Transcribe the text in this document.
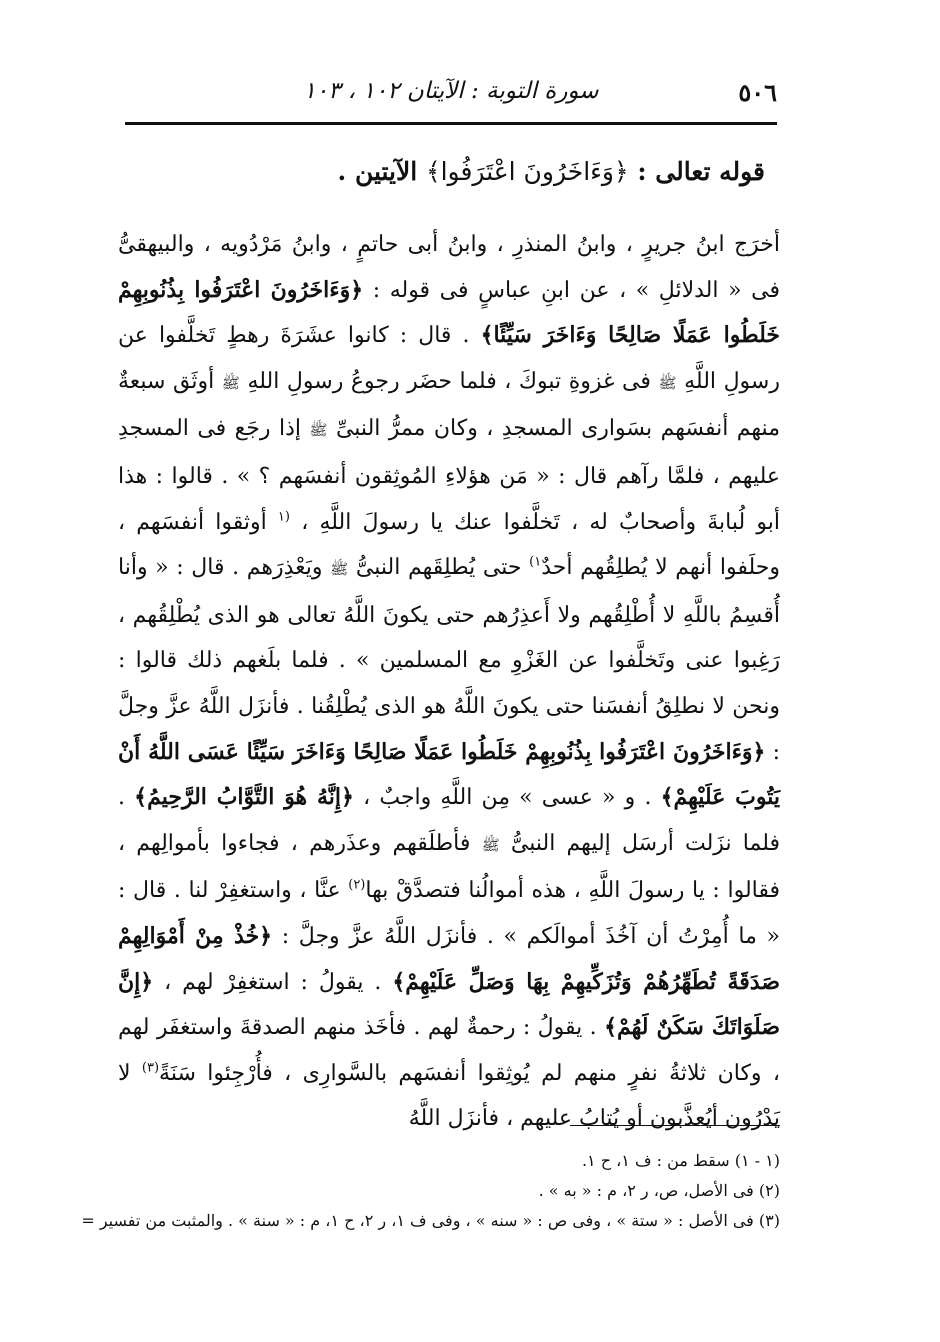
٥٠٦
سورة التوبة : الآيتان ١٠٢ ، ١٠٣
قوله تعالى : ﴿وَءَاخَرُونَ اعْتَرَفُوا﴾ الآيتين .

أخرَج ابنُ جريرٍ ، وابنُ المنذرِ ، وابنُ أبى حاتمٍ ، وابنُ مَرْدُويه ، والبيهقىُّ فى « الدلائلِ » ، عن ابنِ عباسٍ فى قوله : ﴿وَءَاخَرُونَ اعْتَرَفُوا بِذُنُوبِهِمْ خَلَطُوا عَمَلًا صَالِحًا وَءَاخَرَ سَيِّئًا﴾ . قال : كانوا عشَرَةَ رهطٍ تَخلَّفوا عن رسولِ اللَّهِ ﷺ فى غزوةِ تبوكَ ، فلما حضَر رجوعُ رسولِ اللهِ ﷺ أوثَق سبعةٌ منهم أنفسَهم بسَوارى المسجدِ ، وكان ممرُّ النبىِّ ﷺ إذا رجَع فى المسجدِ عليهم ، فلمَّا رآهم قال : « مَن هؤلاءِ المُوثِقون أنفسَهم ؟ » . قالوا : هذا أبو لُبابةَ وأصحابٌ له ، تَخلَّفوا عنك يا رسولَ اللَّهِ ، $^{(١}$ أوثقوا أنفسَهم ، وحلَفوا أنهم لا يُطلِقُهم أحدٌ$^{١)}$ حتى يُطلِقَهم النبىُّ ﷺ ويَعْذِرَهم . قال : « وأنا أُقسِمُ باللَّهِ لا أُطْلِقُهم ولا أَعذِرُهم حتى يكونَ اللَّهُ تعالى هو الذى يُطْلِقُهم ، رَغِبوا عنى وتَخلَّفوا عن الغَزْوِ مع المسلمين » . فلما بلَغهم ذلك قالوا : ونحن لا نطلِقُ أنفسَنا حتى يكونَ اللَّهُ هو الذى يُطْلِقُنا . فأنزَل اللَّهُ عزَّ وجلَّ : ﴿وَءَاخَرُونَ اعْتَرَفُوا بِذُنُوبِهِمْ خَلَطُوا عَمَلًا صَالِحًا وَءَاخَرَ سَيِّئًا عَسَى اللَّهُ أَنْ يَتُوبَ عَلَيْهِمْ﴾ . و « عسى » مِن اللَّهِ واجبٌ ، ﴿إِنَّهُ هُوَ التَّوَّابُ الرَّحِيمُ﴾ . فلما نزَلت أرسَل إليهم النبىُّ ﷺ فأطلَقهم وعذَرهم ، فجاءوا بأموالِهم ، فقالوا : يا رسولَ اللَّهِ ، هذه أموالُنا فتصدَّقْ بها$^{(٢)}$ عنَّا ، واستغفِرْ لنا . قال : « ما أُمِرْتُ أن آخُذَ أموالَكم » . فأنزَل اللَّهُ عزَّ وجلَّ : ﴿خُذْ مِنْ أَمْوَالِهِمْ صَدَقَةً تُطَهِّرُهُمْ وَتُزَكِّيهِمْ بِهَا وَصَلِّ عَلَيْهِمْ﴾ . يقولُ : استغفِرْ لهم ، ﴿إِنَّ صَلَوَاتَكَ سَكَنٌ لَهُمْ﴾ . يقولُ : رحمةٌ لهم . فأخَذ منهم الصدقةَ واستغفَر لهم ، وكان ثلاثةُ نفرٍ منهم لم يُوثِقوا أنفسَهم بالسَّوارِى ، فأُرْجِئوا سَنَةً$^{(٣)}$ لا يَدْرُون أيُعذَّبون أو يُتابُ عليهم ، فأنزَل اللَّهُ

(١ - ١) سقط من : ف ١، ح ١.
(٢) فى الأصل، ص، ر ٢، م : « به » .
(٣) فى الأصل : « ستة » ، وفى ص : « سنه » ، وفى ف ١، ر ٢، ح ١، م : « سنة » . والمثبت من تفسير =
